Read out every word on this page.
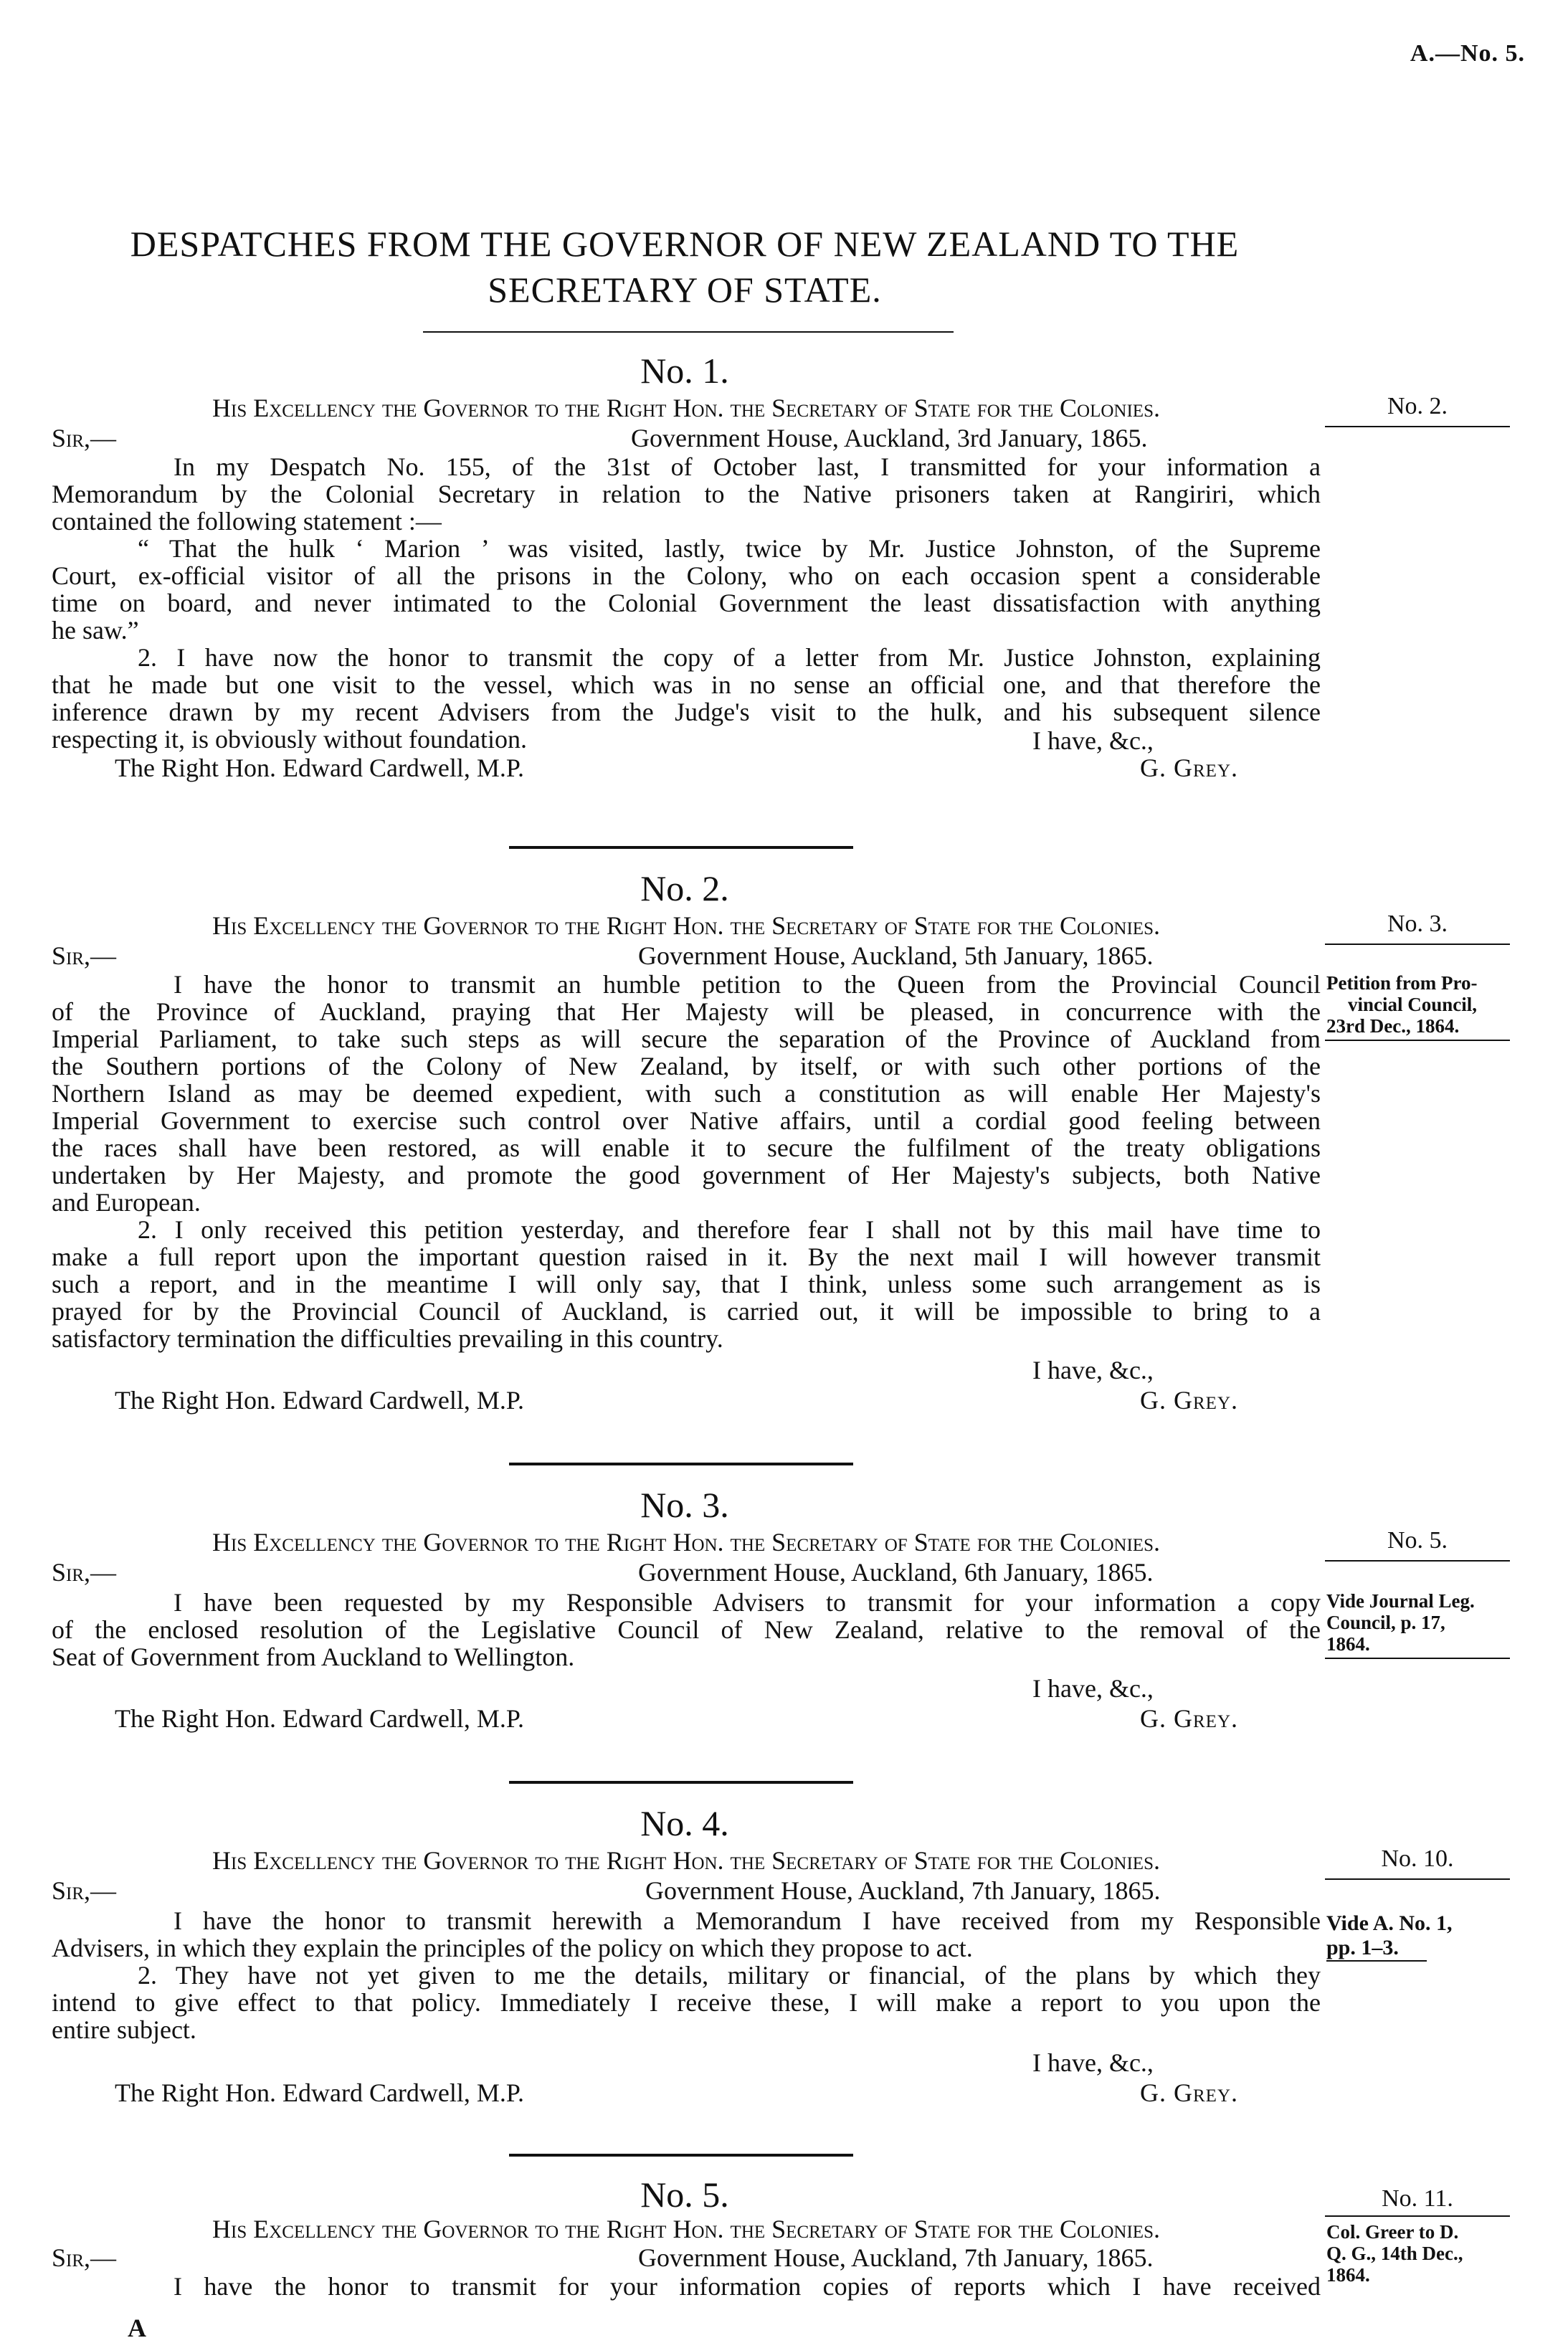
A.—No. 5.
DESPATCHES FROM THE GOVERNOR OF NEW ZEALAND TO THE SECRETARY OF STATE.
No. 1.
His Excellency the Governor to the Right Hon. the Secretary of State for the Colonies.	No. 2.
Sir,—	Government House, Auckland, 3rd January, 1865.
In my Despatch No. 155, of the 31st of October last, I transmitted for your information a
Memorandum by the Colonial Secretary in relation to the Native prisoners taken at Rangiriri, which
contained the following statement :—
“ That the hulk ‘ Marion ’ was visited, lastly, twice by Mr. Justice Johnston, of the Supreme
Court, ex-official visitor of all the prisons in the Colony, who on each occasion spent a considerable
time on board, and never intimated to the Colonial Government the least dissatisfaction with anything
he saw.”
2. I have now the honor to transmit the copy of a letter from Mr. Justice Johnston, explaining
that he made but one visit to the vessel, which was in no sense an official one, and that therefore the
inference drawn by my recent Advisers from the Judge's visit to the hulk, and his subsequent silence
respecting it, is obviously without foundation.	I have, &c.,
The Right Hon. Edward Cardwell, M.P.	G. Grey.
No. 2.
His Excellency the Governor to the Right Hon. the Secretary of State for the Colonies.	No. 3.
Sir,—	Government House, Auckland, 5th January, 1865.
Petition from Pro-
vincial Council,
23rd Dec., 1864.
I have the honor to transmit an humble petition to the Queen from the Provincial Council
of the Province of Auckland, praying that Her Majesty will be pleased, in concurrence with the
Imperial Parliament, to take such steps as will secure the separation of the Province of Auckland from
the Southern portions of the Colony of New Zealand, by itself, or with such other portions of the
Northern Island as may be deemed expedient, with such a constitution as will enable Her Majesty's
Imperial Government to exercise such control over Native affairs, until a cordial good feeling between
the races shall have been restored, as will enable it to secure the fulfilment of the treaty obligations
undertaken by Her Majesty, and promote the good government of Her Majesty's subjects, both Native
and European.
2. I only received this petition yesterday, and therefore fear I shall not by this mail have time to
make a full report upon the important question raised in it. By the next mail I will however transmit
such a report, and in the meantime I will only say, that I think, unless some such arrangement as is
prayed for by the Provincial Council of Auckland, is carried out, it will be impossible to bring to a
satisfactory termination the difficulties prevailing in this country.
I have, &c.,
The Right Hon. Edward Cardwell, M.P.	G. Grey.
No. 3.
His Excellency the Governor to the Right Hon. the Secretary of State for the Colonies.	No. 5.
Sir,—	Government House, Auckland, 6th January, 1865.
Vide Journal Leg.
Council, p. 17,
1864.
I have been requested by my Responsible Advisers to transmit for your information a copy
of the enclosed resolution of the Legislative Council of New Zealand, relative to the removal of the
Seat of Government from Auckland to Wellington.
I have, &c.,
The Right Hon. Edward Cardwell, M.P.	G. Grey.
No. 4.
His Excellency the Governor to the Right Hon. the Secretary of State for the Colonies.	No. 10.
Sir,—	Government House, Auckland, 7th January, 1865.
Vide A. No. 1,
pp. 1–3.
I have the honor to transmit herewith a Memorandum I have received from my Responsible
Advisers, in which they explain the principles of the policy on which they propose to act.
2. They have not yet given to me the details, military or financial, of the plans by which they
intend to give effect to that policy. Immediately I receive these, I will make a report to you upon the
entire subject.
I have, &c.,
The Right Hon. Edward Cardwell, M.P.	G. Grey.
No. 5.	No. 11.
His Excellency the Governor to the Right Hon. the Secretary of State for the Colonies.	Col. Greer to D.
Q. G., 14th Dec.,
1864.
Sir,—	Government House, Auckland, 7th January, 1865.
I have the honor to transmit for your information copies of reports which I have received
A
